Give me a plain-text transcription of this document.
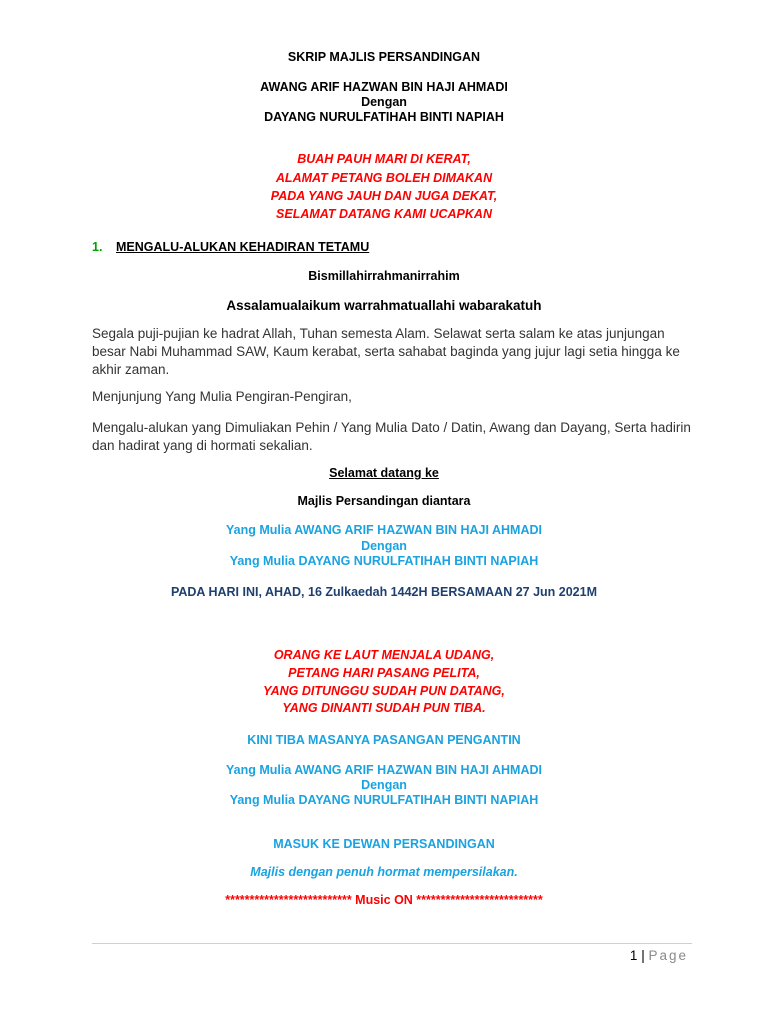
SKRIP MAJLIS PERSANDINGAN
AWANG ARIF HAZWAN BIN HAJI AHMADI
Dengan
DAYANG NURULFATIHAH BINTI NAPIAH
BUAH PAUH MARI DI KERAT,
ALAMAT PETANG BOLEH DIMAKAN
PADA YANG JAUH DAN JUGA DEKAT,
SELAMAT DATANG KAMI UCAPKAN
1. MENGALU-ALUKAN KEHADIRAN TETAMU
Bismillahirrahmanirrahim
Assalamualaikum warrahmatuallahi wabarakatuh
Segala puji-pujian ke hadrat Allah, Tuhan semesta Alam. Selawat serta salam ke atas junjungan besar Nabi Muhammad SAW, Kaum kerabat, serta sahabat baginda yang jujur lagi setia hingga ke akhir zaman.
Menjunjung Yang Mulia Pengiran-Pengiran,
Mengalu-alukan yang Dimuliakan Pehin / Yang Mulia Dato / Datin, Awang dan Dayang, Serta hadirin dan hadirat yang di hormati sekalian.
Selamat datang ke
Majlis Persandingan diantara
Yang Mulia AWANG ARIF HAZWAN BIN HAJI AHMADI
Dengan
Yang Mulia DAYANG NURULFATIHAH BINTI NAPIAH
PADA HARI INI, AHAD, 16 Zulkaedah 1442H BERSAMAAN 27 Jun 2021M
ORANG KE LAUT MENJALA UDANG,
PETANG HARI PASANG PELITA,
YANG DITUNGGU SUDAH PUN DATANG,
YANG DINANTI SUDAH PUN TIBA.
KINI TIBA MASANYA PASANGAN PENGANTIN
Yang Mulia AWANG ARIF HAZWAN BIN HAJI AHMADI
Dengan
Yang Mulia DAYANG NURULFATIHAH BINTI NAPIAH
MASUK KE DEWAN PERSANDINGAN
Majlis dengan penuh hormat mempersilakan.
************************** Music ON **************************
1 | Page
